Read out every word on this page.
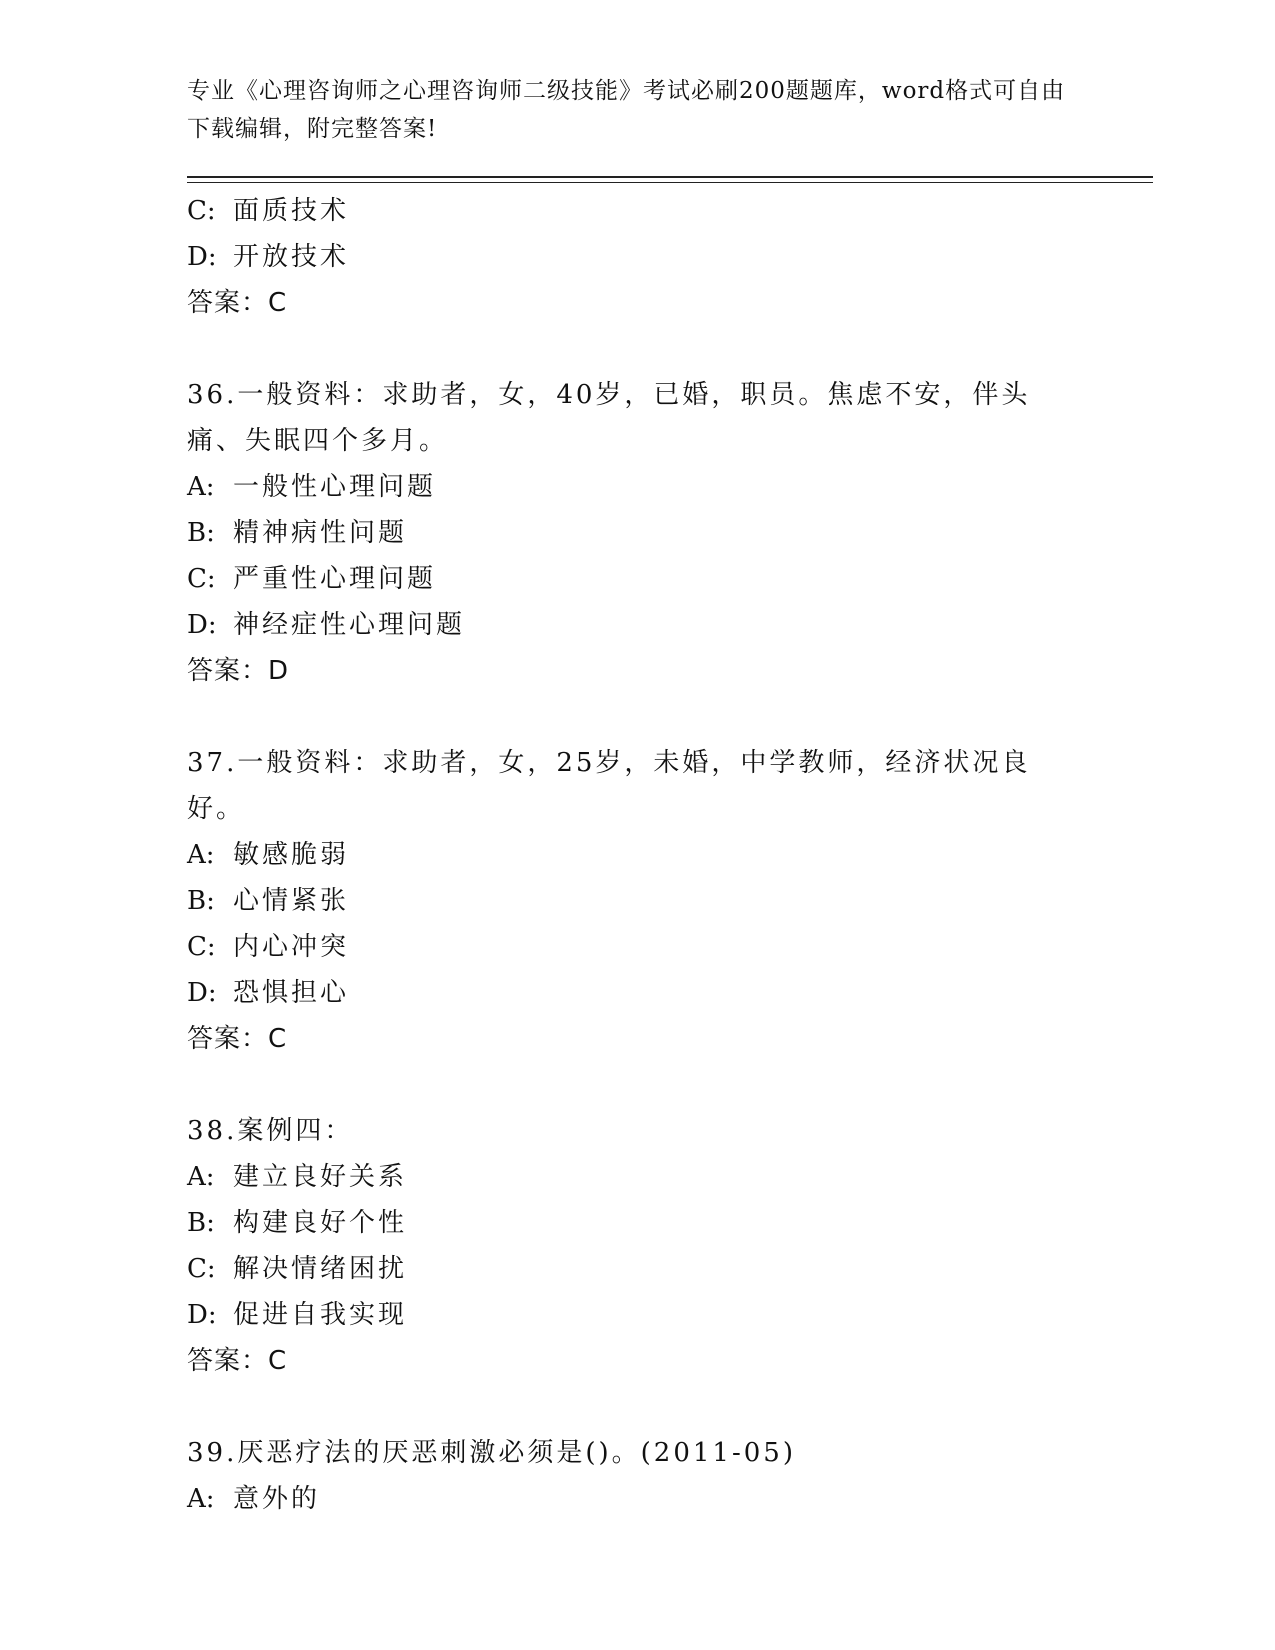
专业《心理咨询师之心理咨询师二级技能》考试必刷200题题库，word格式可自由下载编辑，附完整答案!

C: 面质技术

D: 开放技术

答案：C

36.一般资料：求助者，女，40岁，已婚，职员。焦虑不安，伴头痛、失眠四个多月。

A: 一般性心理问题

B: 精神病性问题

C: 严重性心理问题

D: 神经症性心理问题

答案：D

37.一般资料：求助者，女，25岁，未婚，中学教师，经济状况良好。

A: 敏感脆弱

B: 心情紧张

C: 内心冲突

D: 恐惧担心

答案：C

38.案例四：

A: 建立良好关系

B: 构建良好个性

C: 解决情绪困扰

D: 促进自我实现

答案：C

39.厌恶疗法的厌恶刺激必须是()。(2011-05)

A: 意外的
